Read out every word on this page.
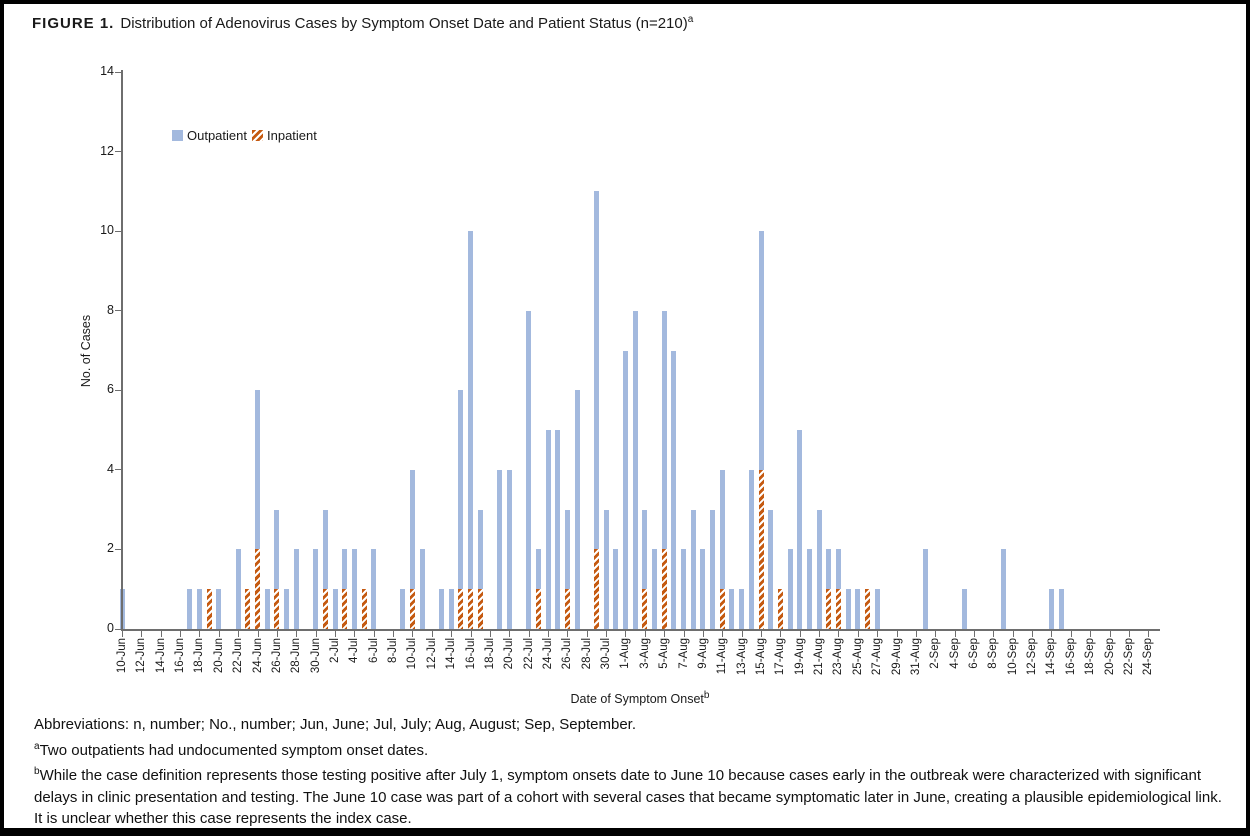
FIGURE 1. Distribution of Adenovirus Cases by Symptom Onset Date and Patient Status (n=210)$^a$
0
2
4
6
8
10
12
14
10-Jun 12-Jun 14-Jun 16-Jun 18-Jun 20-Jun 22-Jun 24-Jun 26-Jun 28-Jun 30-Jun 2-Jul 4-Jul 6-Jul 8-Jul 10-Jul 12-Jul 14-Jul 16-Jul 18-Jul 20-Jul 22-Jul 24-Jul 26-Jul 28-Jul 30-Jul 1-Aug 3-Aug 5-Aug 7-Aug 9-Aug 11-Aug 13-Aug 15-Aug 17-Aug 19-Aug 21-Aug 23-Aug 25-Aug 27-Aug 29-Aug 31-Aug 2-Sep 4-Sep 6-Sep 8-Sep 10-Sep 12-Sep 14-Sep 16-Sep 18-Sep 20-Sep 22-Sep 24-Sep
Outpatient Inpatient
No. of Cases
Date of Symptom Onset$^b$

Abbreviations: n, number; No., number; Jun, June; Jul, July; Aug, August; Sep, September.

$^a$Two outpatients had undocumented symptom onset dates.

$^b$While the case definition represents those testing positive after July 1, symptom onsets date to June 10 because cases early in the outbreak were characterized with significant delays in clinic presentation and testing. The June 10 case was part of a cohort with several cases that became symptomatic later in June, creating a plausible epidemiological link. It is unclear whether this case represents the index case.
